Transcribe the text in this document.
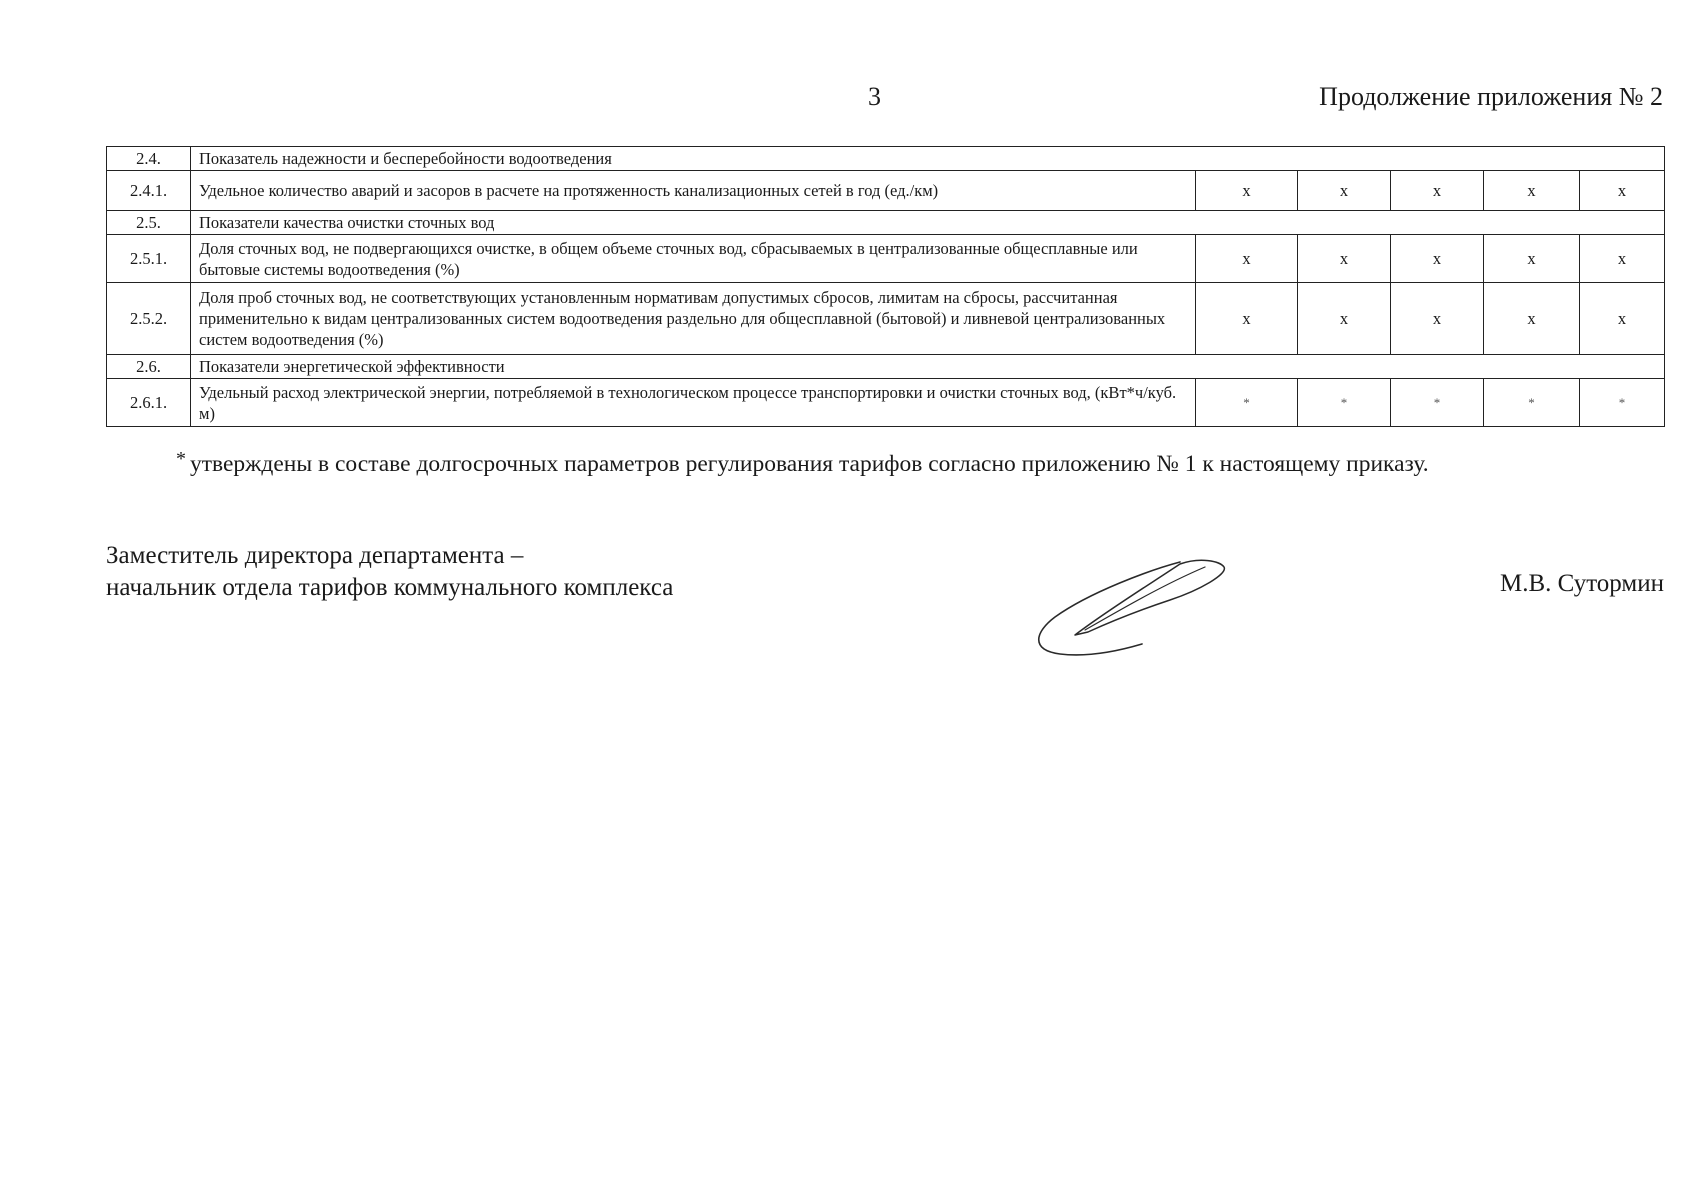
3	Продолжение приложения № 2
2.4.	Показатель надежности и бесперебойности водоотведения					
2.4.1.	Удельное количество аварий и засоров в расчете на протяженность канализационных сетей в год (ед./км)	x	x	x	x	x
2.5.	Показатели качества очистки сточных вод					
2.5.1.	Доля сточных вод, не подвергающихся очистке, в общем объеме сточных вод, сбрасываемых в централизованные общесплавные или бытовые системы водоотведения (%)	x	x	x	x	x
2.5.2.	Доля проб сточных вод, не соответствующих установленным нормативам допустимых сбросов, лимитам на сбросы, рассчитанная применительно к видам централизованных систем водоотведения раздельно для общесплавной (бытовой) и ливневой централизованных систем водоотведения (%)	x	x	x	x	x
2.6.	Показатели энергетической эффективности					
2.6.1.	Удельный расход электрической энергии, потребляемой в технологическом процессе транспортировки и очистки сточных вод, (кВт*ч/куб. м)	*	*	*	*	*
* утверждены в составе долгосрочных параметров регулирования тарифов согласно приложению № 1 к настоящему приказу.
Заместитель директора департамента –
начальник отдела тарифов коммунального комплекса	М.В. Сутормин
